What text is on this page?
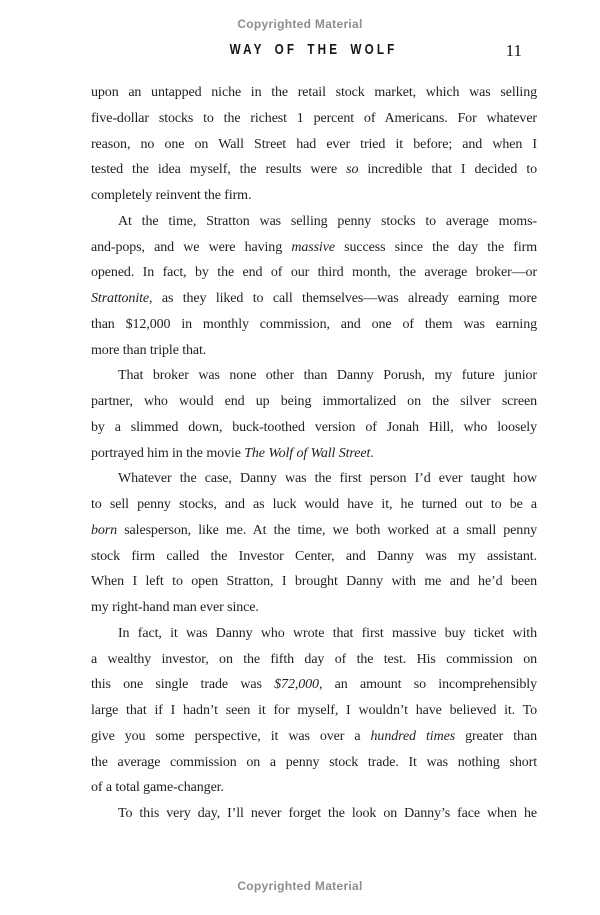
Copyrighted Material
WAY OF THE WOLF	11
upon an untapped niche in the retail stock market, which was selling
five-dollar stocks to the richest 1 percent of Americans. For whatever
reason, no one on Wall Street had ever tried it before; and when I
tested the idea myself, the results were so incredible that I decided to
completely reinvent the firm.
At the time, Stratton was selling penny stocks to average moms-
and-pops, and we were having massive success since the day the firm
opened. In fact, by the end of our third month, the average broker—or
Strattonite, as they liked to call themselves—was already earning more
than $12,000 in monthly commission, and one of them was earning
more than triple that.
That broker was none other than Danny Porush, my future junior
partner, who would end up being immortalized on the silver screen
by a slimmed down, buck-toothed version of Jonah Hill, who loosely
portrayed him in the movie The Wolf of Wall Street.
Whatever the case, Danny was the first person I’d ever taught how
to sell penny stocks, and as luck would have it, he turned out to be a
born salesperson, like me. At the time, we both worked at a small penny
stock firm called the Investor Center, and Danny was my assistant.
When I left to open Stratton, I brought Danny with me and he’d been
my right-hand man ever since.
In fact, it was Danny who wrote that first massive buy ticket with
a wealthy investor, on the fifth day of the test. His commission on
this one single trade was $72,000, an amount so incomprehensibly
large that if I hadn’t seen it for myself, I wouldn’t have believed it. To
give you some perspective, it was over a hundred times greater than
the average commission on a penny stock trade. It was nothing short
of a total game-changer.
To this very day, I’ll never forget the look on Danny’s face when he
Copyrighted Material
